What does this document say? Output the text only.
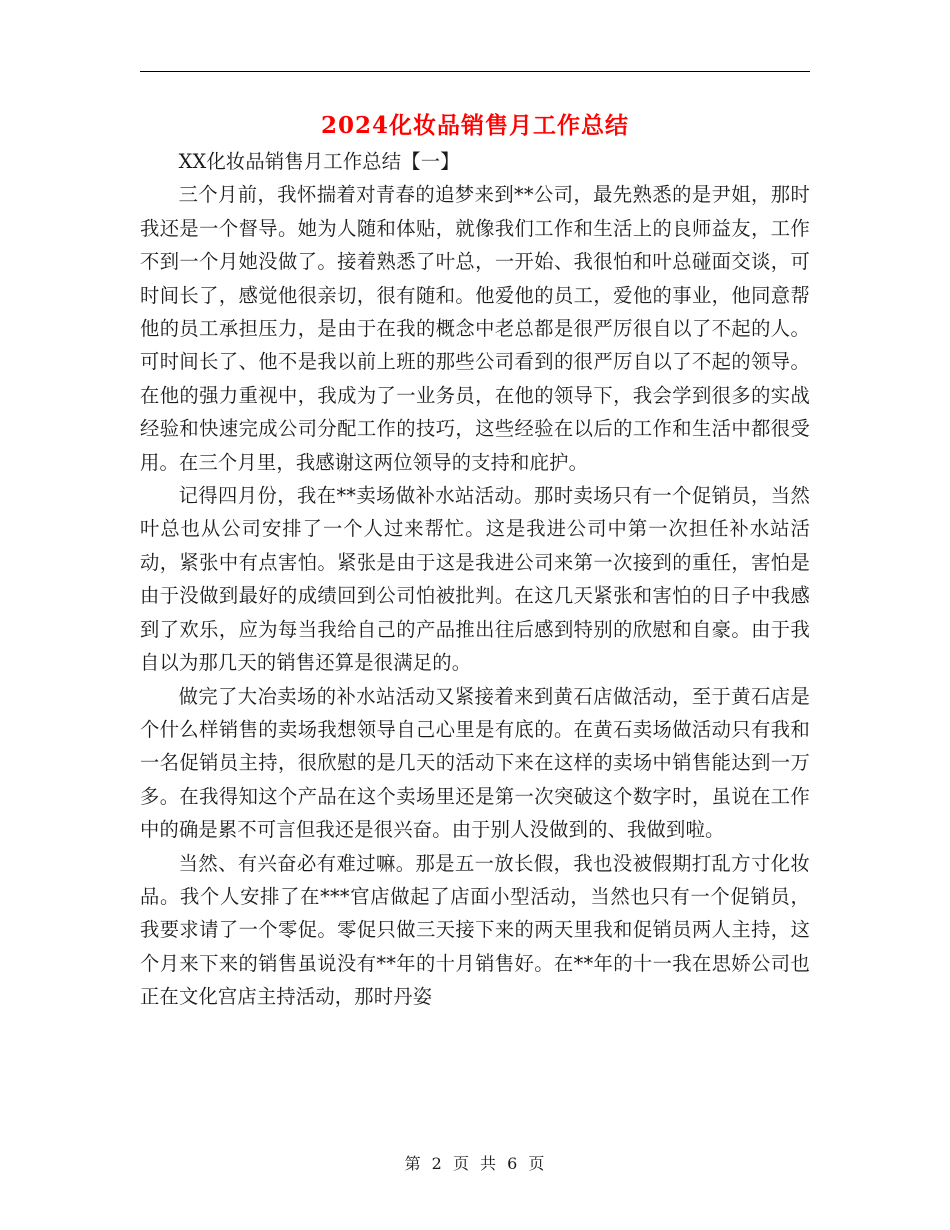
2024化妆品销售月工作总结

XX化妆品销售月工作总结【一】

三个月前，我怀揣着对青春的追梦来到**公司，最先熟悉的是尹姐，那时我还是一个督导。她为人随和体贴，就像我们工作和生活上的良师益友，工作不到一个月她没做了。接着熟悉了叶总，一开始、我很怕和叶总碰面交谈，可时间长了，感觉他很亲切，很有随和。他爱他的员工，爱他的事业，他同意帮他的员工承担压力，是由于在我的概念中老总都是很严厉很自以了不起的人。可时间长了、他不是我以前上班的那些公司看到的很严厉自以了不起的领导。在他的强力重视中，我成为了一业务员，在他的领导下，我会学到很多的实战经验和快速完成公司分配工作的技巧，这些经验在以后的工作和生活中都很受用。在三个月里，我感谢这两位领导的支持和庇护。

记得四月份，我在**卖场做补水站活动。那时卖场只有一个促销员，当然叶总也从公司安排了一个人过来帮忙。这是我进公司中第一次担任补水站活动，紧张中有点害怕。紧张是由于这是我进公司来第一次接到的重任，害怕是由于没做到最好的成绩回到公司怕被批判。在这几天紧张和害怕的日子中我感到了欢乐，应为每当我给自己的产品推出往后感到特别的欣慰和自豪。由于我自以为那几天的销售还算是很满足的。

做完了大冶卖场的补水站活动又紧接着来到黄石店做活动，至于黄石店是个什么样销售的卖场我想领导自己心里是有底的。在黄石卖场做活动只有我和一名促销员主持，很欣慰的是几天的活动下来在这样的卖场中销售能达到一万多。在我得知这个产品在这个卖场里还是第一次突破这个数字时，虽说在工作中的确是累不可言但我还是很兴奋。由于别人没做到的、我做到啦。

当然、有兴奋必有难过嘛。那是五一放长假，我也没被假期打乱方寸化妆品。我个人安排了在***官店做起了店面小型活动，当然也只有一个促销员，我要求请了一个零促。零促只做三天接下来的两天里我和促销员两人主持，这个月来下来的销售虽说没有**年的十月销售好。在**年的十一我在思娇公司也正在文化宫店主持活动，那时丹姿

第 2 页 共 6 页
